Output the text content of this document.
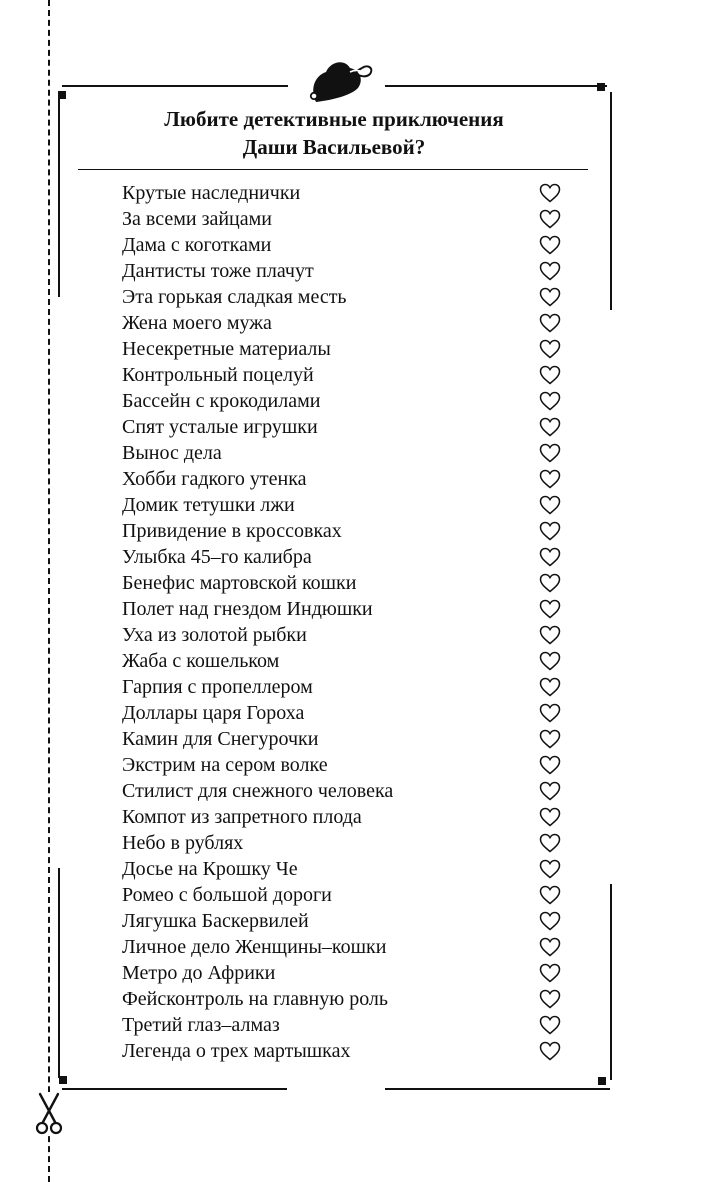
Любите детективные приключения
Даши Васильевой?
Крутые наследнички
За всеми зайцами
Дама с коготками
Дантисты тоже плачут
Эта горькая сладкая месть
Жена моего мужа
Несекретные материалы
Контрольный поцелуй
Бассейн с крокодилами
Спят усталые игрушки
Вынос дела
Хобби гадкого утенка
Домик тетушки лжи
Привидение в кроссовках
Улыбка 45–го калибра
Бенефис мартовской кошки
Полет над гнездом Индюшки
Уха из золотой рыбки
Жаба с кошельком
Гарпия с пропеллером
Доллары царя Гороха
Камин для Снегурочки
Экстрим на сером волке
Стилист для снежного человека
Компот из запретного плода
Небо в рублях
Досье на Крошку Че
Ромео с большой дороги
Лягушка Баскервилей
Личное дело Женщины–кошки
Метро до Африки
Фейсконтроль на главную роль
Третий глаз–алмаз
Легенда о трех мартышках
